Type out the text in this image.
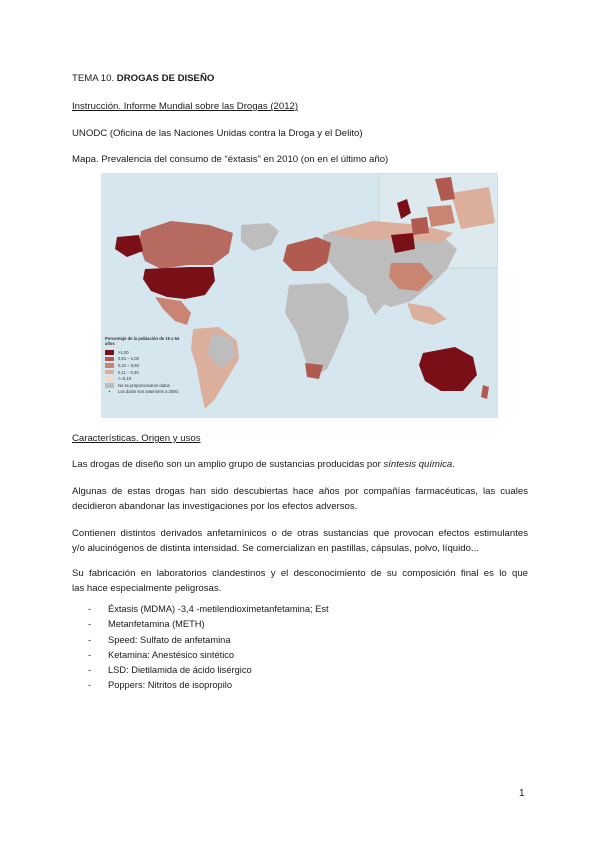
TEMA 10. DROGAS DE DISEÑO
Instrucción. Informe Mundial sobre las Drogas (2012)
UNODC (Oficina de las Naciones Unidas contra la Droga y el Delito)
Mapa. Prevalencia del consumo de “éxtasis” en 2010 (on en el último año)
Porcentaje de la población de 15 a 64 años
>1,00
0,51 – 1,00
0,31 – 0,50
0,11 – 0,30
<=0,10
No se proporcionaron datos
•	Los datos son anteriores a 2000.
Características. Origen y usos
Las drogas de diseño son un amplio grupo de sustancias producidas por síntesis química.
Algunas de estas drogas han sido descubiertas hace años por compañías farmacéuticas, las cuales
decidieron abandonar las investigaciones por los efectos adversos.
Contienen distintos derivados anfetamínicos o de otras sustancias que provocan efectos estimulantes
y/o alucinógenos de distinta intensidad. Se comercializan en pastillas, cápsulas, polvo, líquido...
Su fabricación en laboratorios clandestinos y el desconocimiento de su composición final es lo que
las hace especialmente peligrosas.
- Éxtasis (MDMA) -3,4 -metilendioximetanfetamina; Est
- Metanfetamina (METH)
- Speed: Sulfato de anfetamina
- Ketamina: Anestésico sintético
- LSD: Dietilamida de ácido lisérgico
- Poppers: Nitritos de isopropilo
1
